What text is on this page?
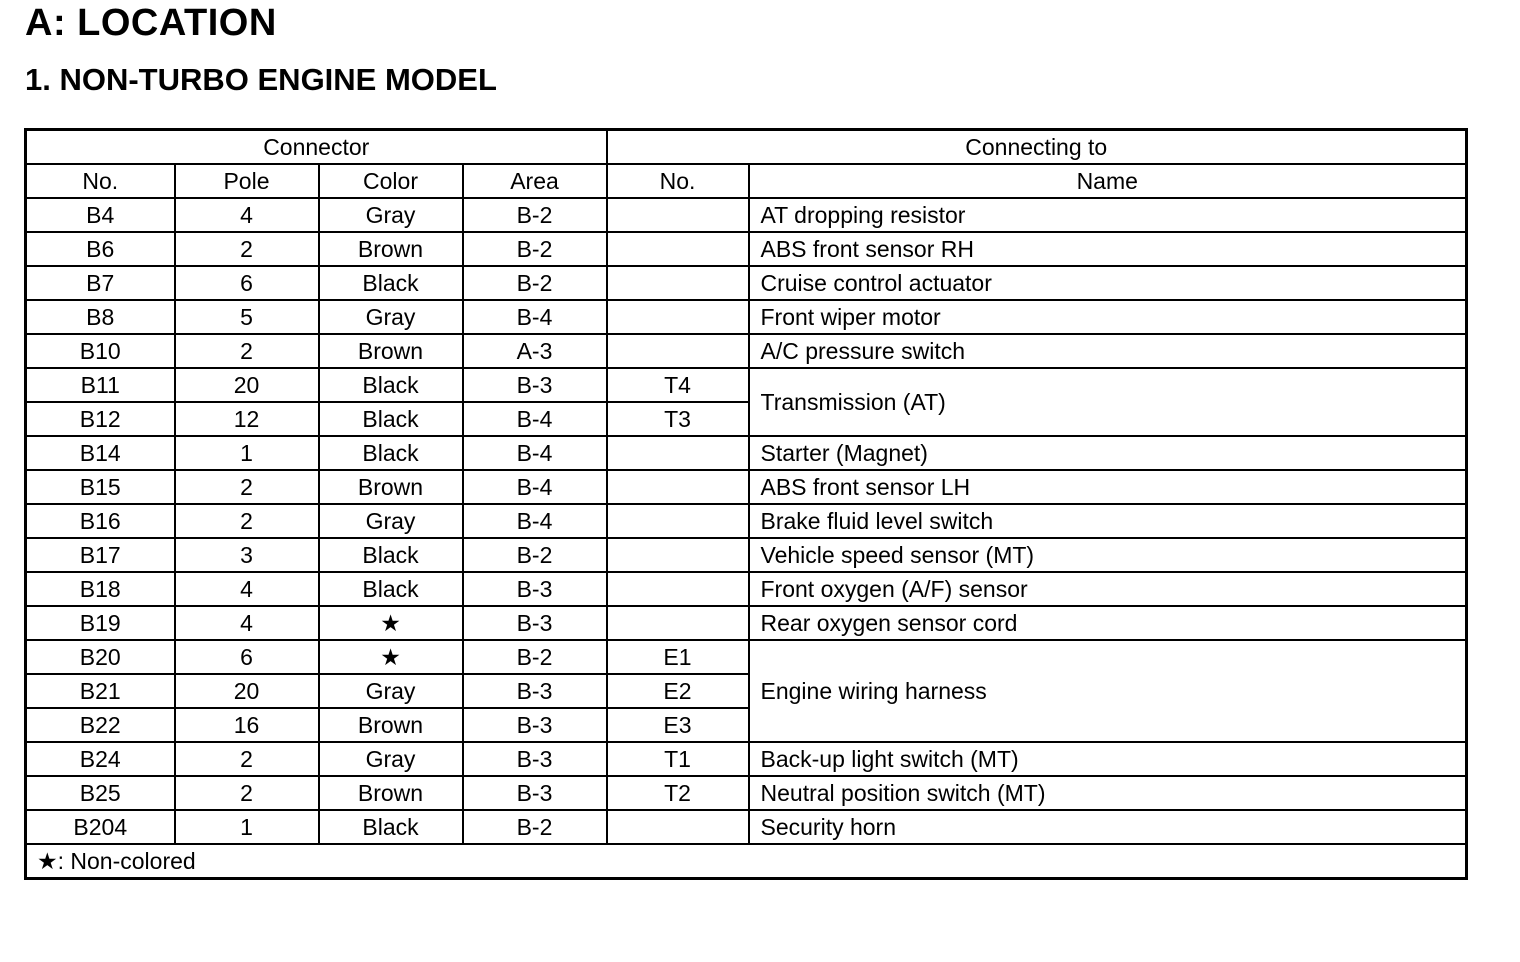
A: LOCATION
1. NON-TURBO ENGINE MODEL
Connector				Connecting to	
No.	Pole	Color	Area	No.	Name
B4	4	Gray	B-2		AT dropping resistor
B6	2	Brown	B-2		ABS front sensor RH
B7	6	Black	B-2		Cruise control actuator
B8	5	Gray	B-4		Front wiper motor
B10	2	Brown	A-3		A/C pressure switch
B11	20	Black	B-3	T4	Transmission (AT)
B12	12	Black	B-4	T3	
B14	1	Black	B-4		Starter (Magnet)
B15	2	Brown	B-4		ABS front sensor LH
B16	2	Gray	B-4		Brake fluid level switch
B17	3	Black	B-2		Vehicle speed sensor (MT)
B18	4	Black	B-3		Front oxygen (A/F) sensor
B19	4	★	B-3		Rear oxygen sensor cord
B20	6	★	B-2	E1	Engine wiring harness
B21	20	Gray	B-3	E2	
B22	16	Brown	B-3	E3	
B24	2	Gray	B-3	T1	Back-up light switch (MT)
B25	2	Brown	B-3	T2	Neutral position switch (MT)
B204	1	Black	B-2		Security horn
★: Non-colored					
